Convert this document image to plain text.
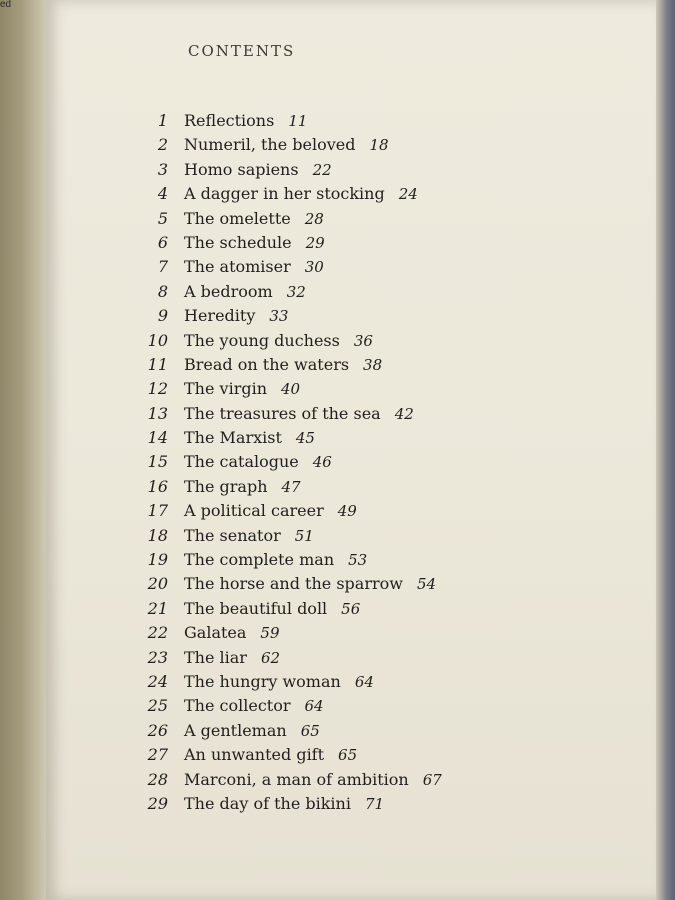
ed
CONTENTS
1 Reflections 11
2 Numeril, the beloved 18
3 Homo sapiens 22
4 A dagger in her stocking 24
5 The omelette 28
6 The schedule 29
7 The atomiser 30
8 A bedroom 32
9 Heredity 33
10 The young duchess 36
11 Bread on the waters 38
12 The virgin 40
13 The treasures of the sea 42
14 The Marxist 45
15 The catalogue 46
16 The graph 47
17 A political career 49
18 The senator 51
19 The complete man 53
20 The horse and the sparrow 54
21 The beautiful doll 56
22 Galatea 59
23 The liar 62
24 The hungry woman 64
25 The collector 64
26 A gentleman 65
27 An unwanted gift 65
28 Marconi, a man of ambition 67
29 The day of the bikini 71
